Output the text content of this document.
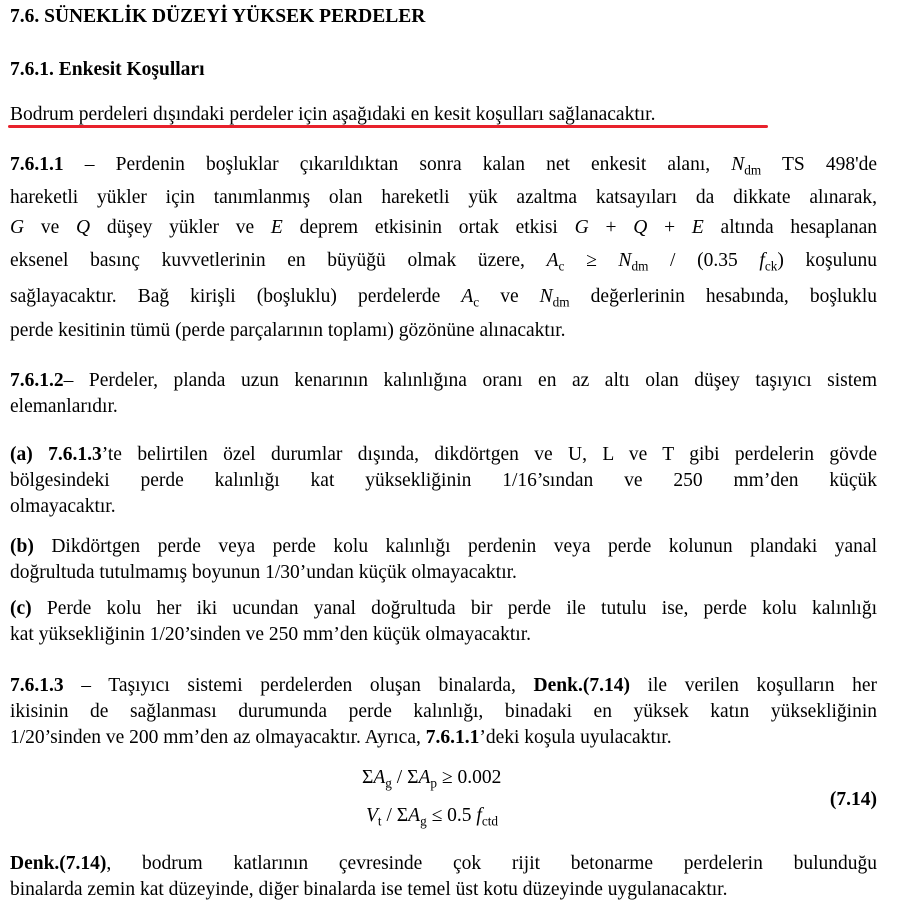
7.6. SÜNEKLİK DÜZEYİ YÜKSEK PERDELER
7.6.1. Enkesit Koşulları
Bodrum perdeleri dışındaki perdeler için aşağıdaki en kesit koşulları sağlanacaktır.
7.6.1.1 – Perdenin boşluklar çıkarıldıktan sonra kalan net enkesit alanı, $N_{dm}$ TS 498'de
hareketli yükler için tanımlanmış olan hareketli yük azaltma katsayıları da dikkate alınarak,
G ve Q düşey yükler ve E deprem etkisinin ortak etkisi G + Q + E altında hesaplanan
eksenel basınç kuvvetlerinin en büyüğü olmak üzere, $A_c \ge N_{dm} / (0.35$ $f_{ck}$) koşulunu
sağlayacaktır. Bağ kirişli (boşluklu) perdelerde $A_c$ ve $N_{dm}$ değerlerinin hesabında, boşluklu
perde kesitinin tümü (perde parçalarının toplamı) gözönüne alınacaktır.
7.6.1.2– Perdeler, planda uzun kenarının kalınlığına oranı en az altı olan düşey taşıyıcı sistem
elemanlarıdır.
(a) 7.6.1.3’te belirtilen özel durumlar dışında, dikdörtgen ve U, L ve T gibi perdelerin gövde
bölgesindeki perde kalınlığı kat yüksekliğinin 1/16’sından ve 250 mm’den küçük
olmayacaktır.
(b) Dikdörtgen perde veya perde kolu kalınlığı perdenin veya perde kolunun plandaki yanal
doğrultuda tutulmamış boyunun 1/30’undan küçük olmayacaktır.
(c) Perde kolu her iki ucundan yanal doğrultuda bir perde ile tutulu ise, perde kolu kalınlığı
kat yüksekliğinin 1/20’sinden ve 250 mm’den küçük olmayacaktır.
7.6.1.3 – Taşıyıcı sistemi perdelerden oluşan binalarda, Denk.(7.14) ile verilen koşulların her
ikisinin de sağlanması durumunda perde kalınlığı, binadaki en yüksek katın yüksekliğinin
1/20’sinden ve 200 mm’den az olmayacaktır. Ayrıca, 7.6.1.1’deki koşula uyulacaktır.
$\Sigma A_g / \Sigma A_p \ge 0.002$
$V_t / \Sigma A_g \le 0.5$ $f_{ctd}$
(7.14)
Denk.(7.14), bodrum katlarının çevresinde çok rijit betonarme perdelerin bulunduğu
binalarda zemin kat düzeyinde, diğer binalarda ise temel üst kotu düzeyinde uygulanacaktır.
